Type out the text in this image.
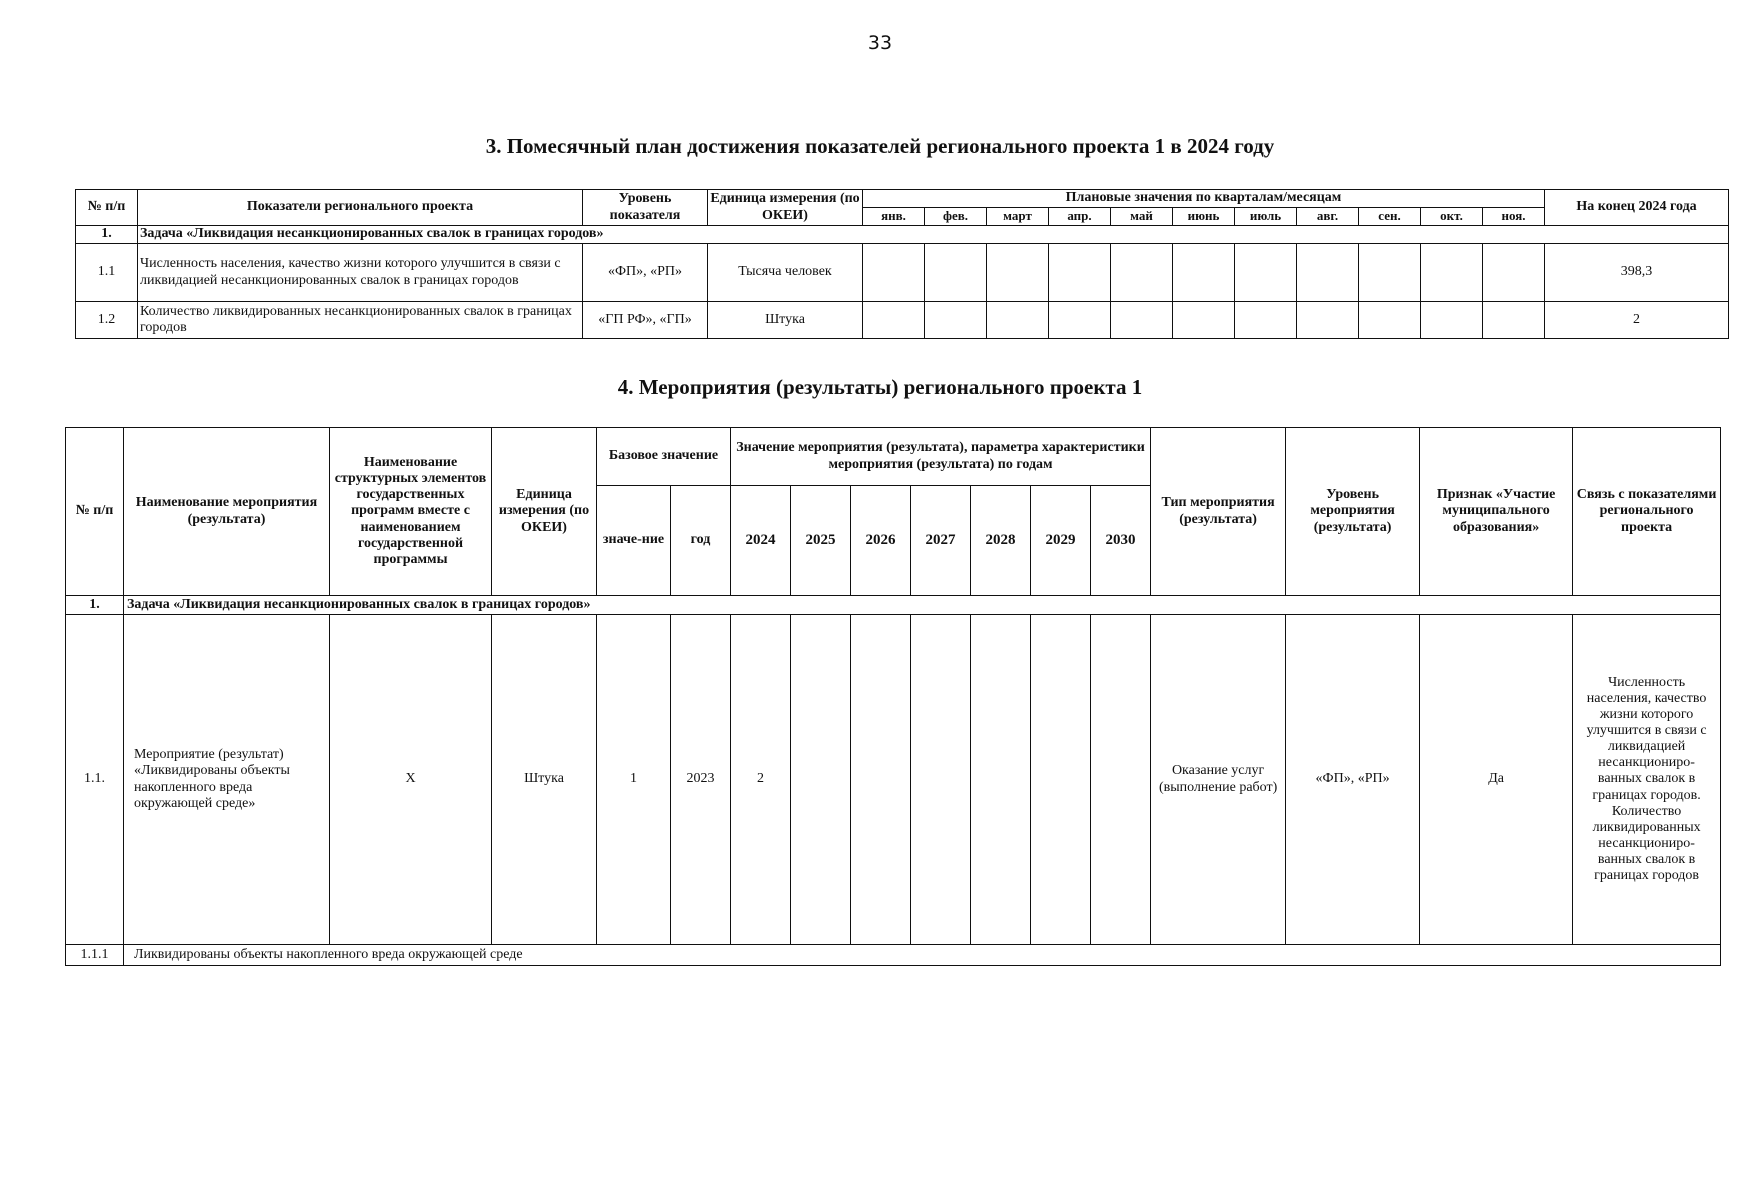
33
3. Помесячный план достижения показателей регионального проекта 1 в 2024 году
№ п/п	Показатели регионального проекта	Уровень показателя	Единица измерения (по ОКЕИ)	Плановые значения по кварталам/месяцам											На конец 2024 года
				янв.	фев.	март	апр.	май	июнь	июль	авг.	сен.	окт.	ноя.	
1.	Задача «Ликвидация несанкционированных свалок в границах городов»														
1.1	Численность населения, качество жизни которого улучшится в связи с ликвидацией несанкционированных свалок в границах городов	«ФП», «РП»	Тысяча человек												398,3
1.2	Количество ликвидированных несанкционированных свалок в границах городов	«ГП РФ», «ГП»	Штука												2
4. Мероприятия (результаты) регионального проекта 1
№ п/п	Наименование мероприятия (результата)	Наименование структурных элементов государственных программ вместе с наименованием государственной программы	Единица измерения (по ОКЕИ)	Базовое значение		Значение мероприятия (результата), параметра характеристики мероприятия (результата) по годам							Тип мероприятия (результата)	Уровень мероприятия (результата)	Признак «Участие муниципального образования»	Связь с показателями регионального проекта
				значе-ние	год	2024	2025	2026	2027	2028	2029	2030				
1.	Задача «Ликвидация несанкционированных свалок в границах городов»															
1.1.	Мероприятие (результат) «Ликвидированы объекты накопленного вреда окружающей среде»	Х	Штука	1	2023	2							Оказание услуг (выполнение работ)	«ФП», «РП»	Да	Численность населения, качество жизни которого улучшится в связи с ликвидацией несанкциониро-ванных свалок в границах городов. Количество ликвидированных несанкциониро-ванных свалок в границах городов
1.1.1	Ликвидированы объекты накопленного вреда окружающей среде															
